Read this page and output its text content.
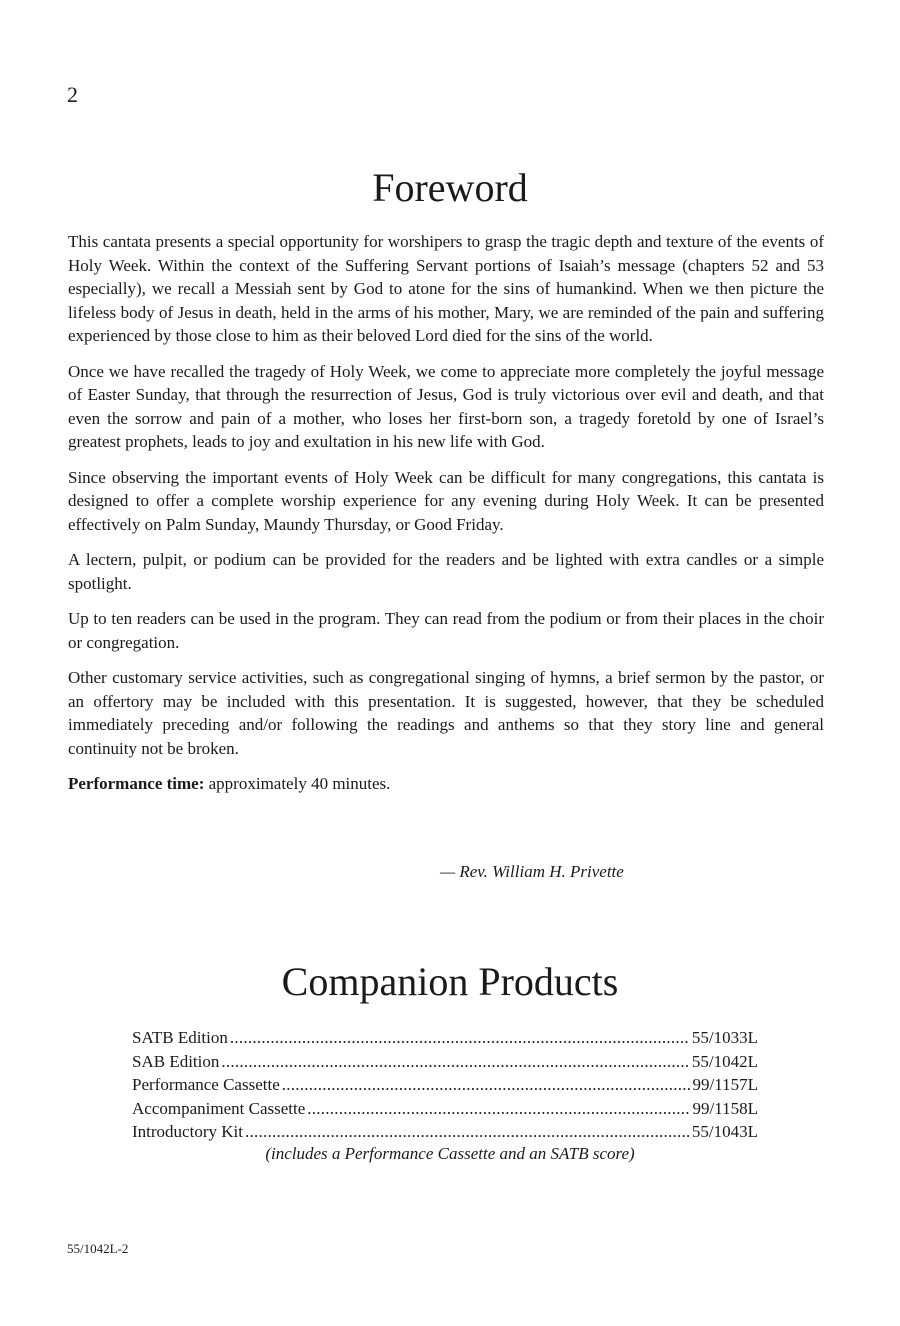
2
Foreword

This cantata presents a special opportunity for worshipers to grasp the tragic depth and texture of the events of Holy Week. Within the context of the Suffering Servant portions of Isaiah’s message (chapters 52 and 53 especially), we recall a Messiah sent by God to atone for the sins of humankind. When we then picture the lifeless body of Jesus in death, held in the arms of his mother, Mary, we are reminded of the pain and suffering experienced by those close to him as their beloved Lord died for the sins of the world.

Once we have recalled the tragedy of Holy Week, we come to appreciate more completely the joyful message of Easter Sunday, that through the resurrection of Jesus, God is truly victorious over evil and death, and that even the sorrow and pain of a mother, who loses her first-born son, a tragedy foretold by one of Israel’s greatest prophets, leads to joy and exultation in his new life with God.

Since observing the important events of Holy Week can be difficult for many congregations, this cantata is designed to offer a complete worship experience for any evening during Holy Week. It can be presented effectively on Palm Sunday, Maundy Thursday, or Good Friday.

A lectern, pulpit, or podium can be provided for the readers and be lighted with extra candles or a simple spotlight.

Up to ten readers can be used in the program. They can read from the podium or from their places in the choir or congregation.

Other customary service activities, such as congregational singing of hymns, a brief sermon by the pastor, or an offertory may be included with this presentation. It is suggested, however, that they be scheduled immediately preceding and/or following the readings and anthems so that they story line and general continuity not be broken.

Performance time: approximately 40 minutes.

— Rev. William H. Privette
Companion Products
SATB Edition . . .	55/1033L
SAB Edition . . .	55/1042L
Performance Cassette . . .	99/1157L
Accompaniment Cassette . . .	99/1158L
Introductory Kit . . .	55/1043L
(includes a Performance Cassette and an SATB score)
55/1042L-2
